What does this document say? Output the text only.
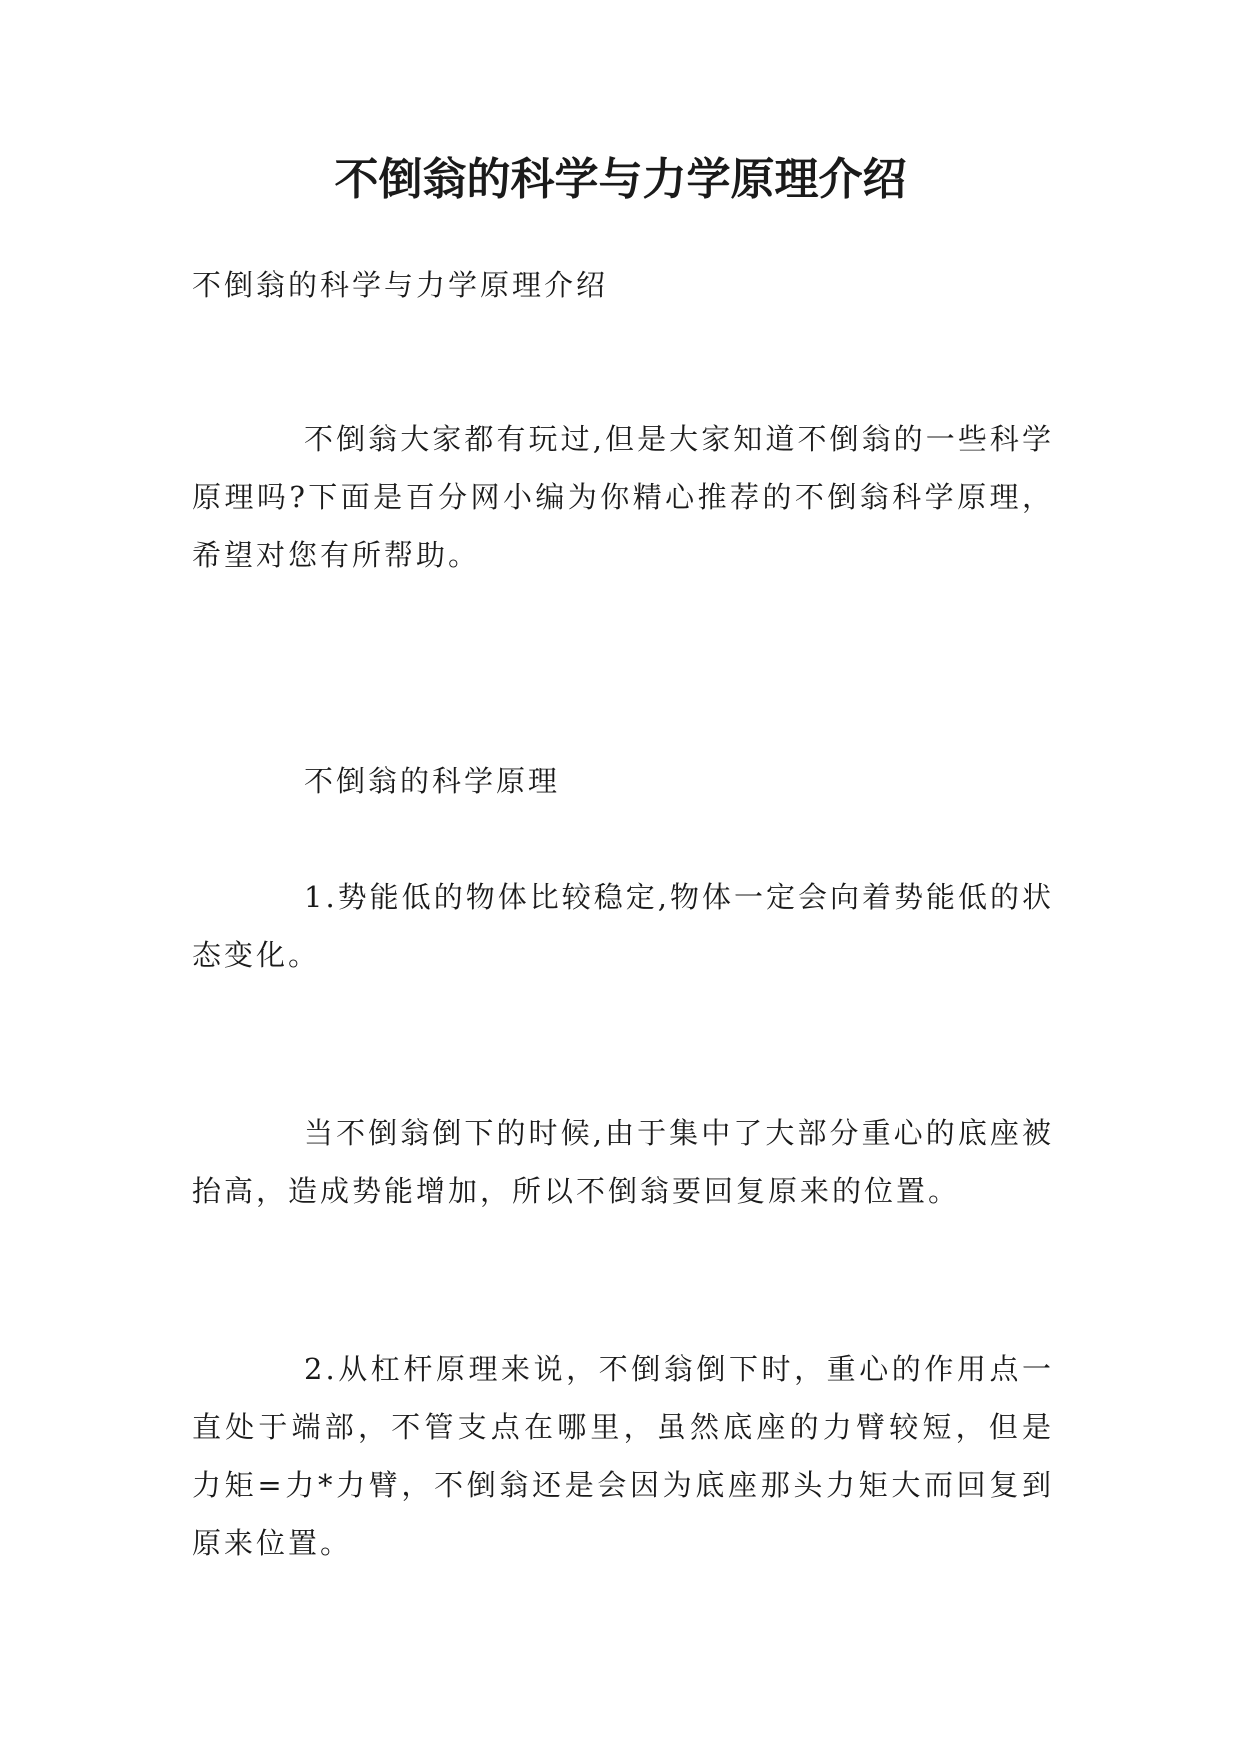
不倒翁的科学与力学原理介绍

不倒翁的科学与力学原理介绍

不倒翁大家都有玩过,但是大家知道不倒翁的一些科学原理吗?下面是百分网小编为你精心推荐的不倒翁科学原理，希望对您有所帮助。

不倒翁的科学原理

1.势能低的物体比较稳定,物体一定会向着势能低的状态变化。

当不倒翁倒下的时候,由于集中了大部分重心的底座被抬高，造成势能增加，所以不倒翁要回复原来的位置。

2.从杠杆原理来说，不倒翁倒下时，重心的作用点一直处于端部，不管支点在哪里，虽然底座的力臂较短，但是力矩=力*力臂，不倒翁还是会因为底座那头力矩大而回复到原来位置。
